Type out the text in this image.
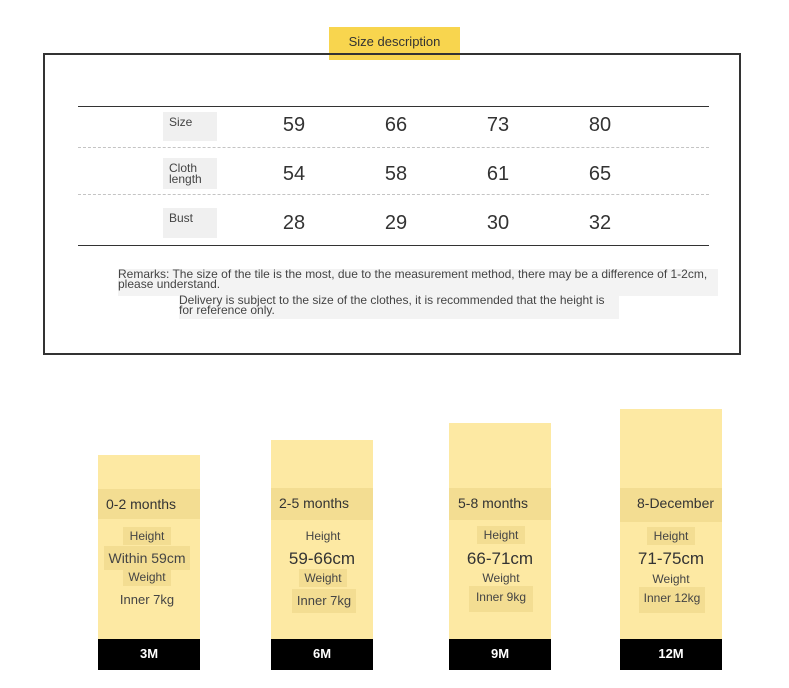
Size description
Size	59	66	73	80
Cloth length	54	58	61	65
Bust	28	29	30	32
Remarks: The size of the tile is the most, due to the measurement method, there may be a difference of 1-2cm, please understand.
Delivery is subject to the size of the clothes, it is recommended that the height is for reference only.
0-2 months
Height
Within 59cm
Weight
Inner 7kg
3M
2-5 months
Height
59-66cm
Weight
Inner 7kg
6M
5-8 months
Height
66-71cm
Weight
Inner 9kg
9M
8-December
Height
71-75cm
Weight
Inner 12kg
12M
